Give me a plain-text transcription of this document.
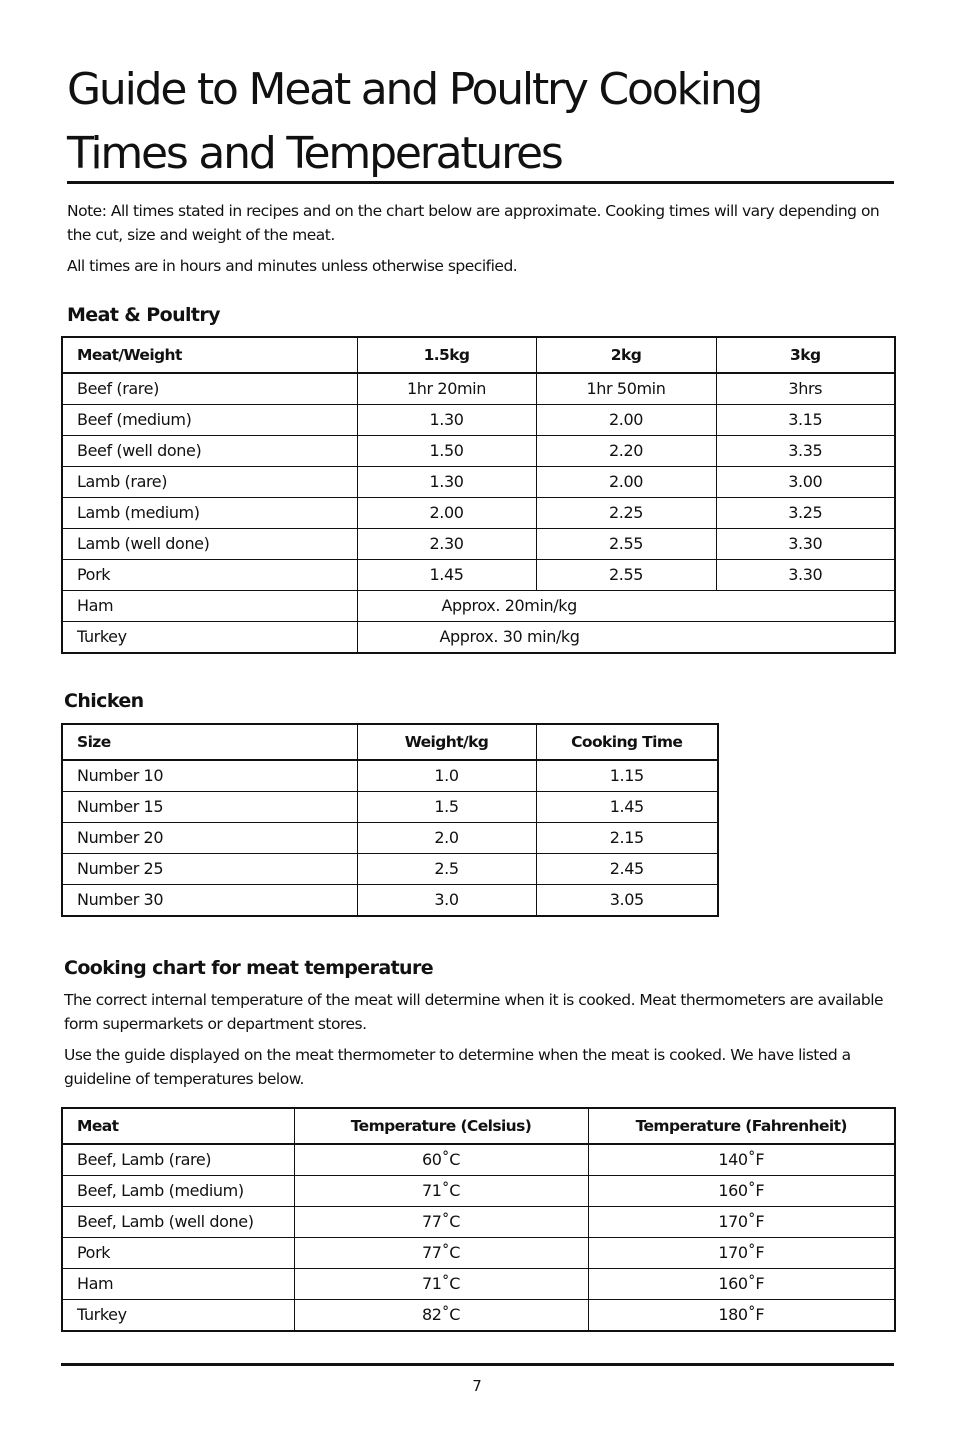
Guide to Meat and Poultry Cooking Times and Temperatures

Note: All times stated in recipes and on the chart below are approximate. Cooking times will vary depending on the cut, size and weight of the meat.

All times are in hours and minutes unless otherwise specified.

Meat & Poultry
Meat/Weight	1.5kg	2kg	3kg
Beef (rare)	1hr 20min	1hr 50min	3hrs
Beef (medium)	1.30	2.00	3.15
Beef (well done)	1.50	2.20	3.35
Lamb (rare)	1.30	2.00	3.00
Lamb (medium)	2.00	2.25	3.25
Lamb (well done)	2.30	2.55	3.30
Pork	1.45	2.55	3.30
Ham	Approx. 20min/kg		
Turkey	Approx. 30 min/kg		
Chicken
Size	Weight/kg	Cooking Time
Number 10	1.0	1.15
Number 15	1.5	1.45
Number 20	2.0	2.15
Number 25	2.5	2.45
Number 30	3.0	3.05
Cooking chart for meat temperature

The correct internal temperature of the meat will determine when it is cooked. Meat thermometers are available form supermarkets or department stores.

Use the guide displayed on the meat thermometer to determine when the meat is cooked. We have listed a guideline of temperatures below.

Meat	Temperature (Celsius)	Temperature (Fahrenheit)
Beef, Lamb (rare)	60˚C	140˚F
Beef, Lamb (medium)	71˚C	160˚F
Beef, Lamb (well done)	77˚C	170˚F
Pork	77˚C	170˚F
Ham	71˚C	160˚F
Turkey	82˚C	180˚F
7
